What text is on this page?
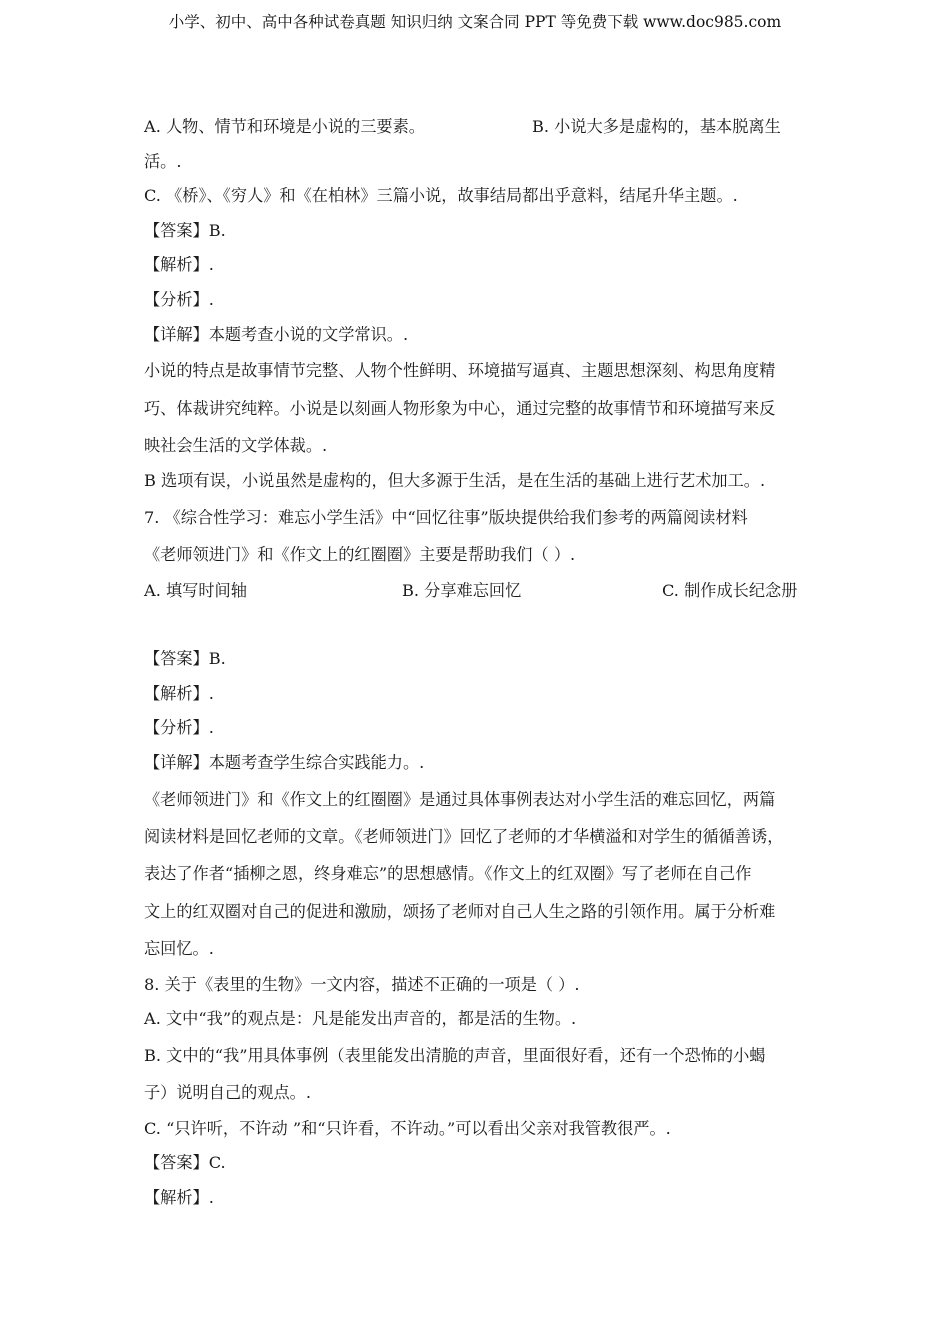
小学、初中、高中各种试卷真题 知识归纳 文案合同 PPT 等免费下载 www.doc985.com
A. 人物、情节和环境是小说的三要素。	B. 小说大多是虚构的，基本脱离生
活。.
C. 《桥》、《穷人》和《在柏林》三篇小说，故事结局都出乎意料，结尾升华主题。.
【答案】B.
【解析】.
【分析】.
【详解】本题考查小说的文学常识。.
小说的特点是故事情节完整、人物个性鲜明、环境描写逼真、主题思想深刻、构思角度精
巧、体裁讲究纯粹。小说是以刻画人物形象为中心，通过完整的故事情节和环境描写来反
映社会生活的文学体裁。.
B 选项有误，小说虽然是虚构的，但大多源于生活，是在生活的基础上进行艺术加工。.
7. 《综合性学习：难忘小学生活》中“回忆往事”版块提供给我们参考的两篇阅读材料
《老师领进门》和《作文上的红圈圈》主要是帮助我们（ ）.
A. 填写时间轴	B. 分享难忘回忆	C. 制作成长纪念册
【答案】B.
【解析】.
【分析】.
【详解】本题考查学生综合实践能力。.
《老师领进门》和《作文上的红圈圈》是通过具体事例表达对小学生活的难忘回忆，两篇
阅读材料是回忆老师的文章。《老师领进门》回忆了老师的才华横溢和对学生的循循善诱，
表达了作者“插柳之恩，终身难忘”的思想感情。《作文上的红双圈》写了老师在自己作
文上的红双圈对自己的促进和激励，颂扬了老师对自己人生之路的引领作用。属于分析难
忘回忆。.
8. 关于《表里的生物》一文内容，描述不正确的一项是（ ）.
A. 文中“我”的观点是：凡是能发出声音的，都是活的生物。.
B. 文中的“我”用具体事例（表里能发出清脆的声音，里面很好看，还有一个恐怖的小蝎
子）说明自己的观点。.
C. “只许听，不许动 ”和“只许看，不许动。”可以看出父亲对我管教很严。.
【答案】C.
【解析】.
